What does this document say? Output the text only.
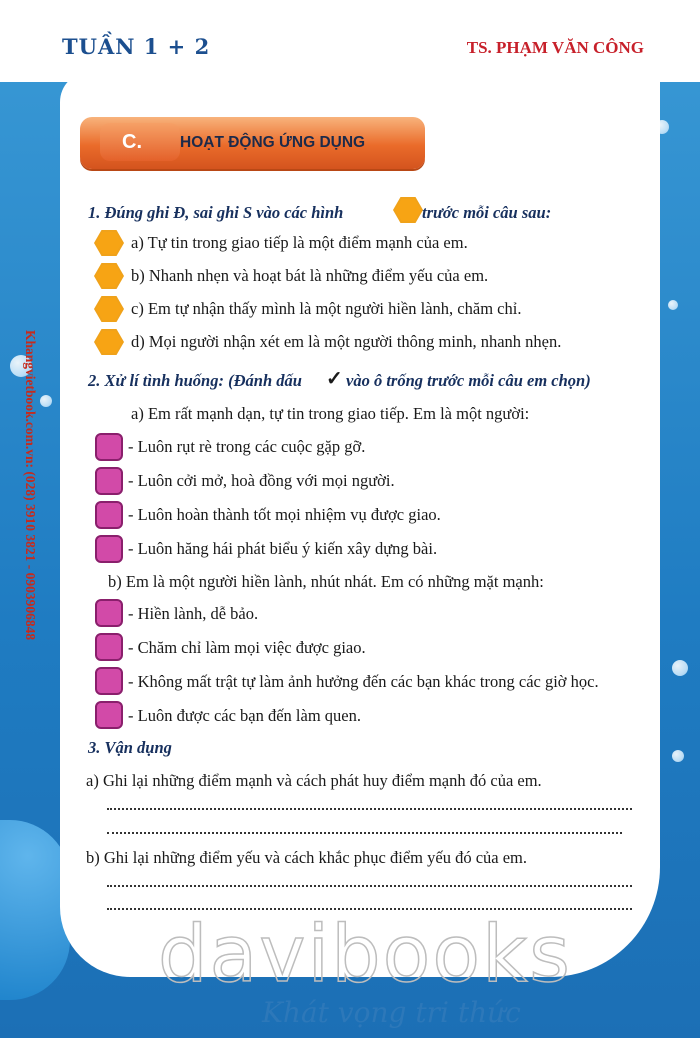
TUẦN 1 + 2	TS. PHẠM VĂN CÔNG
Khangvietbook.com.vn: (028) 3910 3821 - 0903906848
C.	HOẠT ĐỘNG ỨNG DỤNG
1. Đúng ghi Đ, sai ghi S vào các hình	trước mỗi câu sau:
a) Tự tin trong giao tiếp là một điểm mạnh của em.
b) Nhanh nhẹn và hoạt bát là những điểm yếu của em.
c) Em tự nhận thấy mình là một người hiền lành, chăm chỉ.
d) Mọi người nhận xét em là một người thông minh, nhanh nhẹn.
2. Xử lí tình huống: (Đánh dấu ✓ vào ô trống trước mỗi câu em chọn)
a) Em rất mạnh dạn, tự tin trong giao tiếp. Em là một người:
- Luôn rụt rè trong các cuộc gặp gỡ.
- Luôn cởi mở, hoà đồng với mọi người.
- Luôn hoàn thành tốt mọi nhiệm vụ được giao.
- Luôn hăng hái phát biểu ý kiến xây dựng bài.
b) Em là một người hiền lành, nhút nhát. Em có những mặt mạnh:
- Hiền lành, dễ bảo.
- Chăm chỉ làm mọi việc được giao.
- Không mất trật tự làm ảnh hưởng đến các bạn khác trong các giờ học.
- Luôn được các bạn đến làm quen.
3. Vận dụng
a) Ghi lại những điểm mạnh và cách phát huy điểm mạnh đó của em.
b) Ghi lại những điểm yếu và cách khắc phục điểm yếu đó của em.
davibooks
Khát vọng tri thức
